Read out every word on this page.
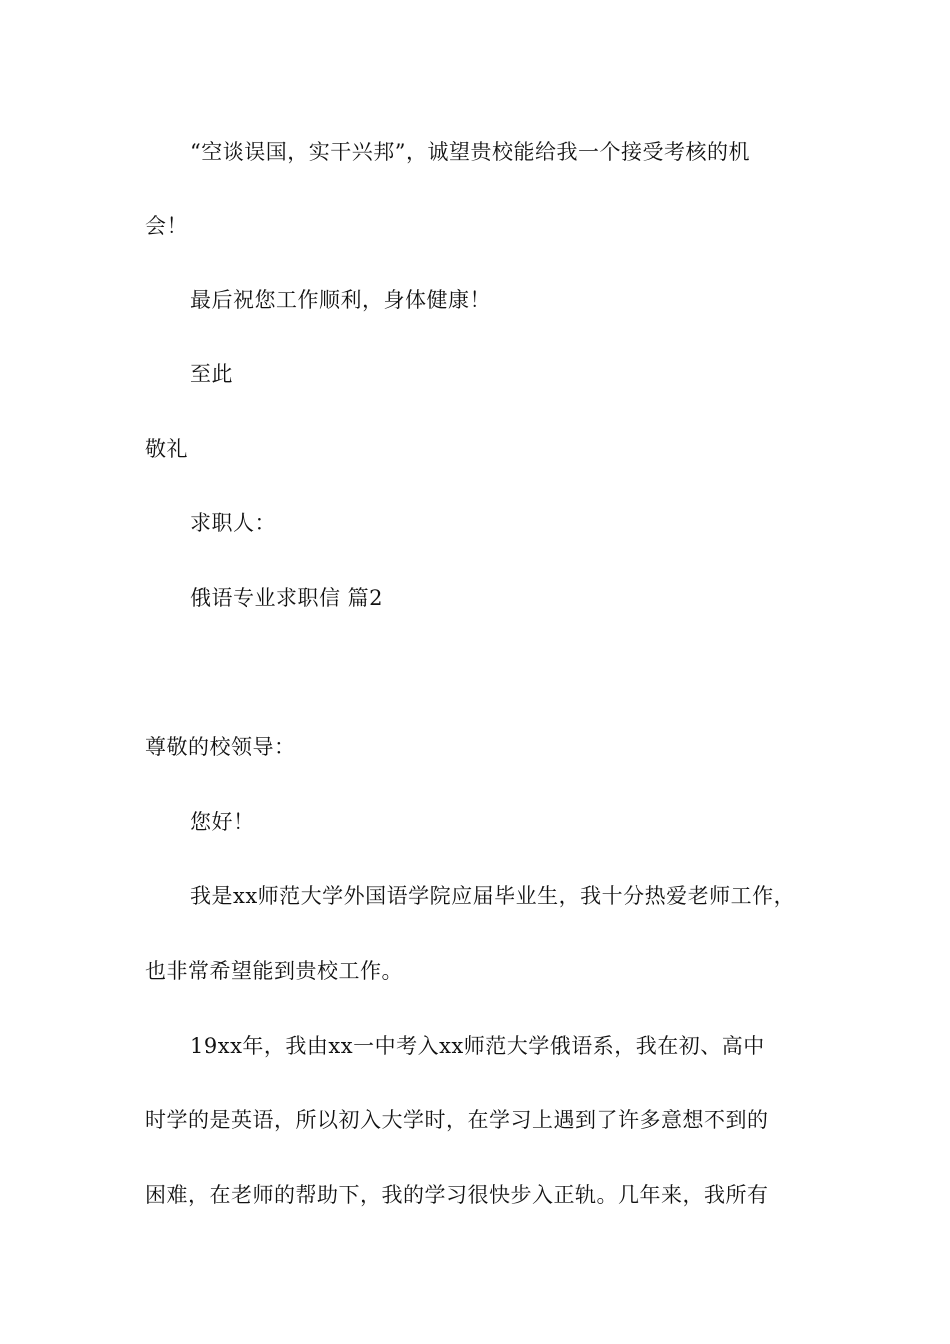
“空谈误国，实干兴邦”，诚望贵校能给我一个接受考核的机
会！
最后祝您工作顺利，身体健康！
至此
敬礼
求职人：
俄语专业求职信 篇2
尊敬的校领导：
您好！
我是xx师范大学外国语学院应届毕业生，我十分热爱老师工作，
也非常希望能到贵校工作。
19xx年，我由xx一中考入xx师范大学俄语系，我在初、高中
时学的是英语，所以初入大学时，在学习上遇到了许多意想不到的
困难，在老师的帮助下，我的学习很快步入正轨。几年来，我所有
